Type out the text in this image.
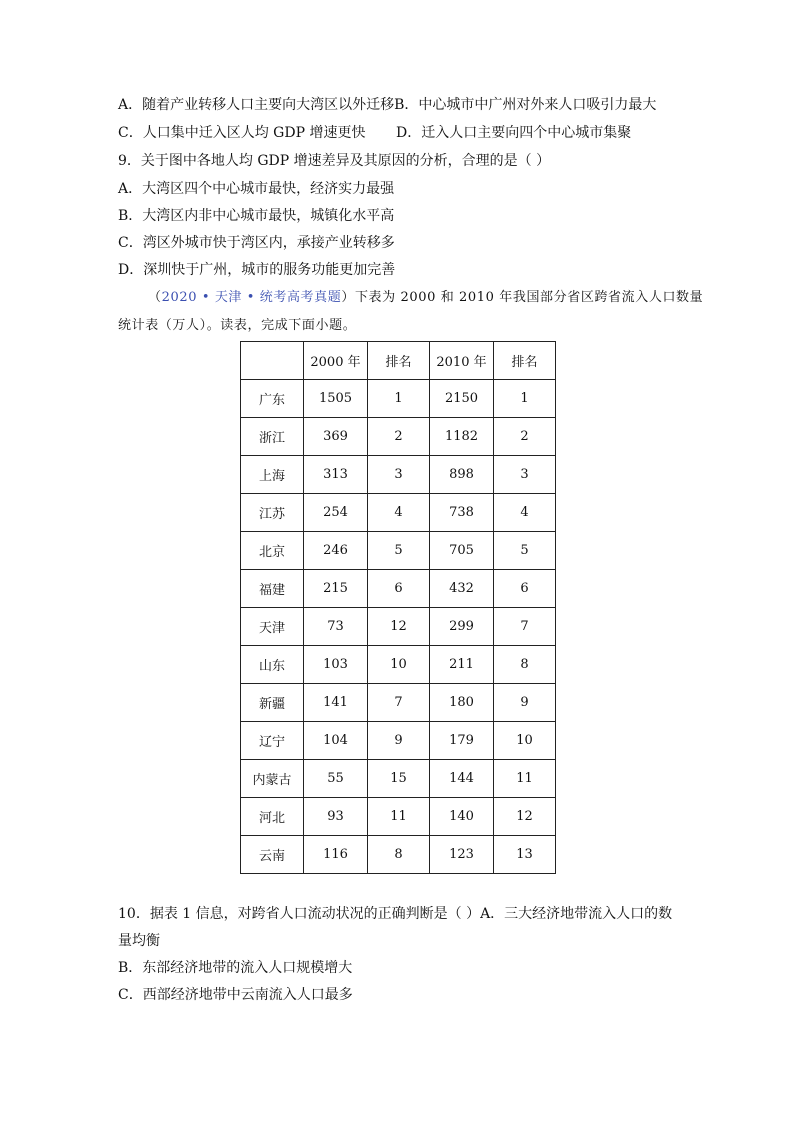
A．随着产业转移人口主要向大湾区以外迁移B．中心城市中广州对外来人口吸引力最大
C．人口集中迁入区人均 GDP 增速更快 D．迁入人口主要向四个中心城市集聚
9．关于图中各地人均 GDP 增速差异及其原因的分析，合理的是（ ）
A．大湾区四个中心城市最快，经济实力最强
B．大湾区内非中心城市最快，城镇化水平高
C．湾区外城市快于湾区内，承接产业转移多
D．深圳快于广州，城市的服务功能更加完善
（2020 • 天津 • 统考高考真题）下表为 2000 和 2010 年我国部分省区跨省流入人口数量
统计表（万人）。读表，完成下面小题。
	2000 年	排名	2010 年	排名
广东	1505	1	2150	1
浙江	369	2	1182	2
上海	313	3	898	3
江苏	254	4	738	4
北京	246	5	705	5
福建	215	6	432	6
天津	73	12	299	7
山东	103	10	211	8
新疆	141	7	180	9
辽宁	104	9	179	10
内蒙古	55	15	144	11
河北	93	11	140	12
云南	116	8	123	13
10．据表 1 信息，对跨省人口流动状况的正确判断是（ ）A．三大经济地带流入人口的数
量均衡
B．东部经济地带的流入人口规模增大
C．西部经济地带中云南流入人口最多
